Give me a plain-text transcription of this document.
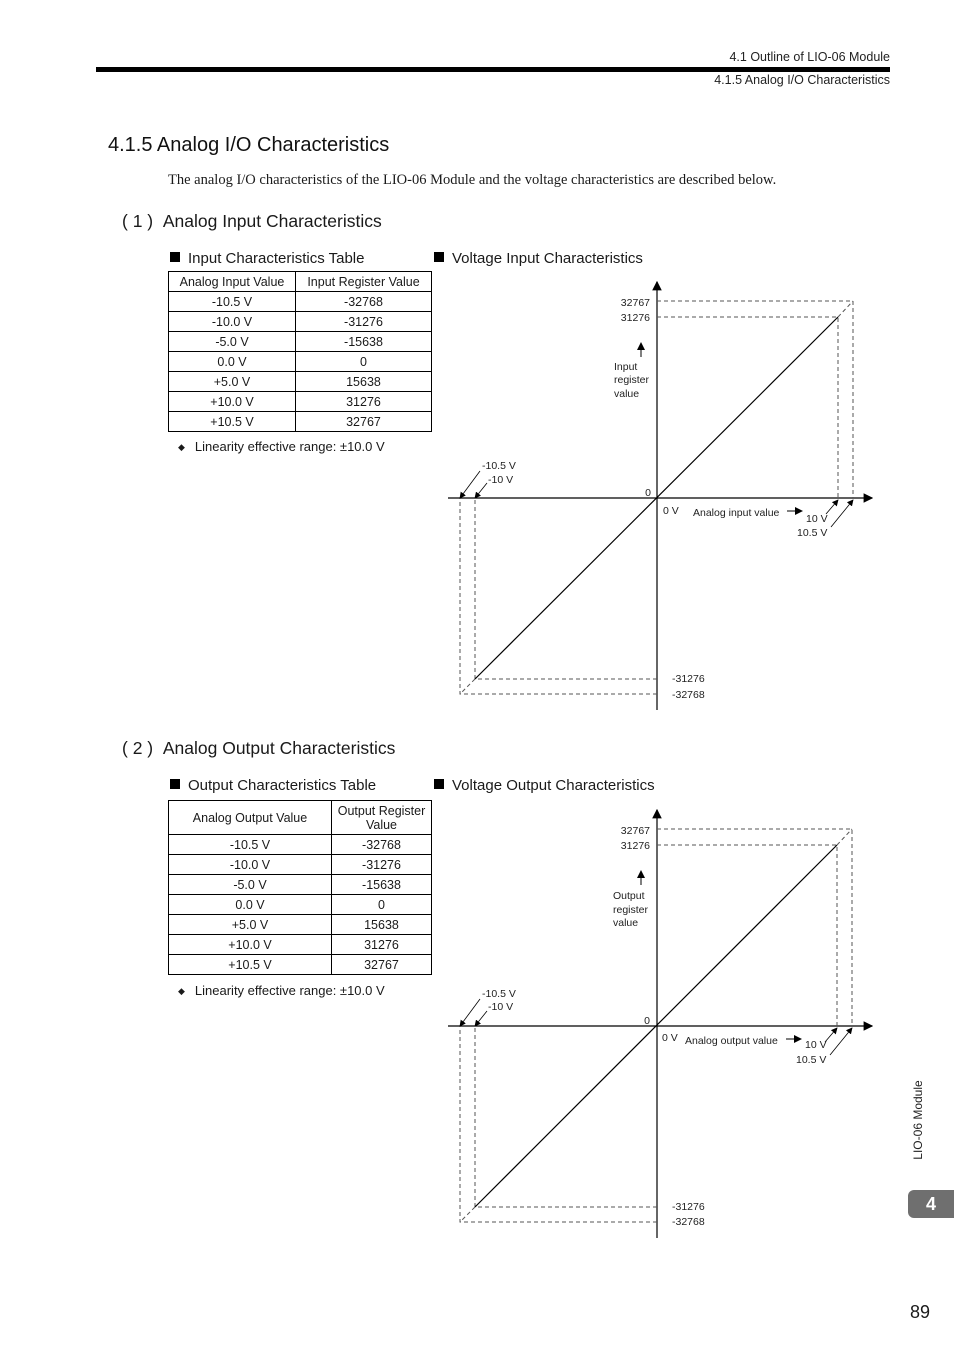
4.1 Outline of LIO-06 Module
4.1.5 Analog I/O Characteristics
4.1.5 Analog I/O Characteristics
The analog I/O characteristics of the LIO-06 Module and the voltage characteristics are described below.
( 1 ) Analog Input Characteristics
Input Characteristics Table	Voltage Input Characteristics
Analog Input Value	Input Register Value
-10.5 V	-32768
-10.0 V	-31276
-5.0 V	-15638
0.0 V	0
+5.0 V	15638
+10.0 V	31276
+10.5 V	32767
◆ Linearity effective range: ±10.0 V
32767
31276
-31276
-32768
0
0 V
-10.5 V
-10 V
10 V
10.5 V
Analog input value
Input
register
value
( 2 ) Analog Output Characteristics
Output Characteristics Table	Voltage Output Characteristics
Analog Output Value	Output Register Value
-10.5 V	-32768
-10.0 V	-31276
-5.0 V	-15638
0.0 V	0
+5.0 V	15638
+10.0 V	31276
+10.5 V	32767
◆ Linearity effective range: ±10.0 V
32767
31276
-31276
-32768
0
0 V
-10.5 V
-10 V
10 V
10.5 V
Analog output value
Output
register
value
LIO-06 Module
4
89
